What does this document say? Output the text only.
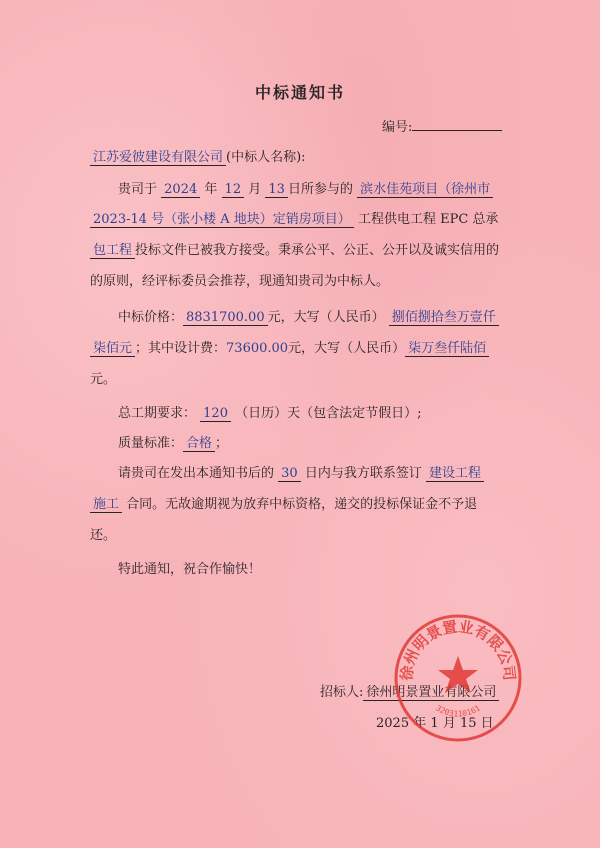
中标通知书
编号:
江苏爱彼建设有限公司 (中标人名称):
贵司于 2024 年 12 月 13 日所参与的 滨水佳苑项目（徐州市
2023-14 号（张小楼 A 地块）定销房项目） 工程供电工程 EPC 总承
包工程 投标文件已被我方接受。秉承公平、公正、公开以及诚实信用的
的原则，经评标委员会推荐，现通知贵司为中标人。
中标价格： 8831700.00 元，大写（人民币） 捌佰捌拾叁万壹仟
柒佰元 ；其中设计费：73600.00元，大写（人民币） 柒万叁仟陆佰
元。
总工期要求： 120 （日历）天（包含法定节假日）;
质量标准： 合格 ；
请贵司在发出本通知书后的 30 日内与我方联系签订 建设工程
施工 合同。无故逾期视为放弃中标资格，递交的投标保证金不予退
还。
特此通知，祝合作愉快！
招标人: 徐州明景置业有限公司
2025 年 1 月 15 日
徐州明景置业有限公司
3203110161
